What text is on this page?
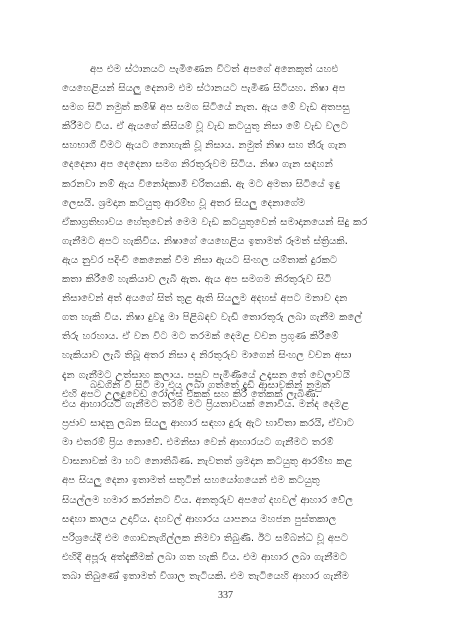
අප එම ස්ථානයට පැමිණෙන විටත් අපගේ අනෙකුත් යහළු
යෙහෙළියන් සියලු දෙනාම එම ස්ථානයට පැමිණ සිටියහ. නිෂා අප
සමග සිටි නමුත් කම්ෂි අප සමග සිටියේ නැත. ඇය මේ වැඩ අතපසු
කිරීමට විය. ඒ ඇයගේ කිසියම් වූ වැඩ කටයුතු නිසා මේ වැඩ වලට
සහභාගී වීමට ඇයට නොහැකි වූ නිසාය. නමුත් නිෂා සහ තීරු ගැන
දෙදෙනා අප දෙදෙනා සමග නිරතුරුවම සිටිය. නිෂා ගැන සඳහන්
කරනවා නම් ඇය විනෝදකාමී චරිතයකි. ඇ මට අමතා සිටියේ ඉඳු
ලෙසයි. ශ්‍රමදාන කටයුතු ආරම්භ වූ අතර සියලු දෙනාගේම
ඒකාග්‍රතිභාවය හේතුවෙන් මෙම වැඩ කටයුතුවෙන් සමාදානයෙන් සිදු කර
ගැනීමට අපට හැකිවිය. නිෂාගේ යෙහෙළිය ඉතාමත් රූමත් ස්ත්‍රියකි.
ඇය නුවර පදිංචි කෙනෙක් වීම නිසා ඇයට සිංහල යම්තාක් දුරකට
කතා කිරීමේ හැකියාව ලැබී ඇත. ඇය අප සමගම නිරතුරුව සිටි
නිසාවෙන් අත් අයගේ සිත් තුළ ඇති සියලුම අදහස් අපට මනාව දන
ගත හැකි විය. නිෂා දුවදු මා පිළිබඳව වැඩි තොරතුරු ලබා ගැනීම කලේ
තිරු හරහාය. ඒ වන විට මට තරමක් දෙමළ වචන ප්‍රගුණ කිරීමේ
හැකියාව ලැබී තිබූ අතර නිසා ද නිරතුරුව මාගෙන් සිංහල වචන අසා
දැන ගැනීමට උත්සාහ කලාය. පසුව පැමිණියේ උදෑසන තේ වෙලාවයි
එහි අපට උලුඳුවෙඩ රෝල්ස් එකක් සහ කිරි තේකක් ලැබිණි.
බඩගිනි වී සිටි මා එය ලබා ගත්තේ දැඩි ආසාවකින් නමුත්
එය ආහාරයට ගැනීමට තරම් මට ප්‍රියතාවයක් නොවීය. මන්ද දෙමළ
ප්‍රජාව සාදනු ලබන සියලු ආහාර සඳහා දුරු ඇට භාවිතා කරයි, ඒවාට
මා එතරම් ප්‍රිය නොවේ. එමනිසා වෙන් ආහාරයට ගැනීමට තරම්
වාසනාවක් මා හට නොතිබිණ. නැවතත් ශ්‍රමදාන කටයුතු ආරම්භ කළ
අප සියලු දෙනා ඉතාමත් සතුටින් සහයෝගයෙන් එම කටයුතු
සියල්ලම හමාර කරන්නට විය. අනතුරුව අපගේ දහවල් ආහාර වේල
සඳහා කාලය උදාවිය. දහවල් ආහාරය යාපනය මහජන පුස්තකාල
පරිශ්‍රයේදී එම ගොඩනැගිල්ලක නිමවා තිබුණි. ඊට සම්බන්ධ වූ අපට
එහිදී අපූරු අත්දැකීමක් ලබා ගත හැකි විය. එම ආහාර ලබා ගැනීමට
තබා තිබුණේ ඉතාමත් විශාල තැටියකි. එම තැටියෙහි ආහාර ගැනීම
337
